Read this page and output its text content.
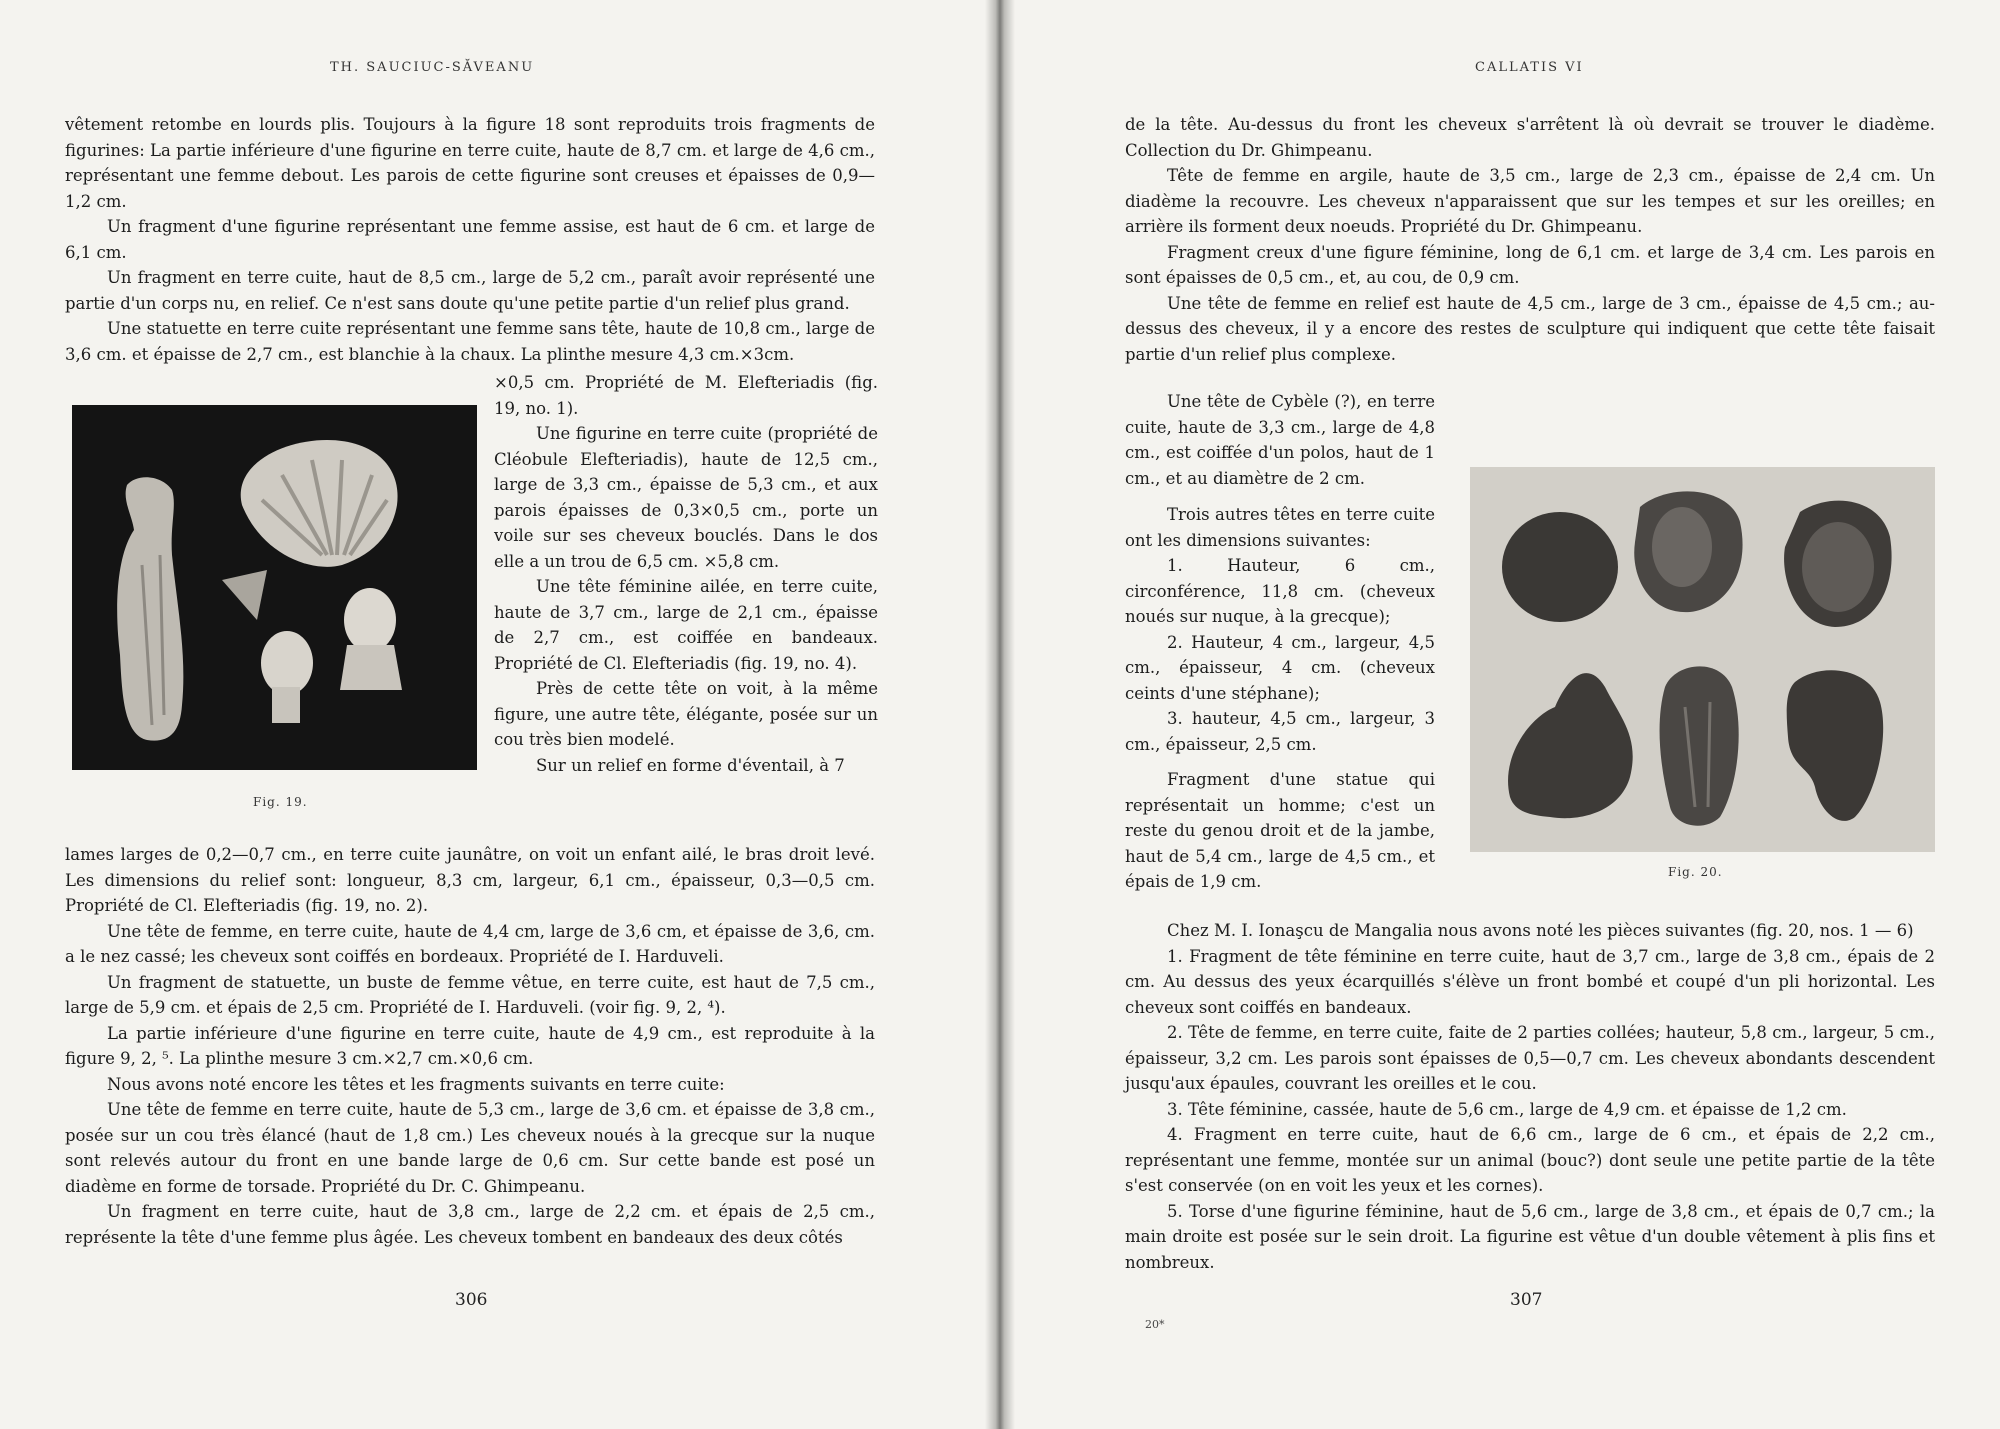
TH. SAUCIUC-SĂVEANU

vêtement retombe en lourds plis. Toujours à la figure 18 sont reproduits trois fragments de figurines: La partie inférieure d'une figurine en terre cuite, haute de 8,7 cm. et large de 4,6 cm., représentant une femme debout. Les parois de cette figurine sont creuses et épaisses de 0,9—1,2 cm.

Un fragment d'une figurine représentant une femme assise, est haut de 6 cm. et large de 6,1 cm.

Un fragment en terre cuite, haut de 8,5 cm., large de 5,2 cm., paraît avoir représenté une partie d'un corps nu, en relief. Ce n'est sans doute qu'une petite partie d'un relief plus grand.

Une statuette en terre cuite représentant une femme sans tête, haute de 10,8 cm., large de 3,6 cm. et épaisse de 2,7 cm., est blanchie à la chaux. La plinthe mesure 4,3 cm.×3cm.

Fig. 19.

×0,5 cm. Propriété de M. Elefteriadis (fig. 19, no. 1).

Une figurine en terre cuite (propriété de Cléobule Elefteriadis), haute de 12,5 cm., large de 3,3 cm., épaisse de 5,3 cm., et aux parois épaisses de 0,3×0,5 cm., porte un voile sur ses cheveux bouclés. Dans le dos elle a un trou de 6,5 cm. ×5,8 cm.

Une tête féminine ailée, en terre cuite, haute de 3,7 cm., large de 2,1 cm., épaisse de 2,7 cm., est coiffée en bandeaux. Propriété de Cl. Elefteriadis (fig. 19, no. 4).

Près de cette tête on voit, à la même figure, une autre tête, élégante, posée sur un cou très bien modelé.

Sur un relief en forme d'éventail, à 7

lames larges de 0,2—0,7 cm., en terre cuite jaunâtre, on voit un enfant ailé, le bras droit levé. Les dimensions du relief sont: longueur, 8,3 cm, largeur, 6,1 cm., épaisseur, 0,3—0,5 cm. Propriété de Cl. Elefteriadis (fig. 19, no. 2).

Une tête de femme, en terre cuite, haute de 4,4 cm, large de 3,6 cm, et épaisse de 3,6, cm. a le nez cassé; les cheveux sont coiffés en bordeaux. Propriété de I. Harduveli.

Un fragment de statuette, un buste de femme vêtue, en terre cuite, est haut de 7,5 cm., large de 5,9 cm. et épais de 2,5 cm. Propriété de I. Harduveli. (voir fig. 9, 2, ⁴).

La partie inférieure d'une figurine en terre cuite, haute de 4,9 cm., est reproduite à la figure 9, 2, ⁵. La plinthe mesure 3 cm.×2,7 cm.×0,6 cm.

Nous avons noté encore les têtes et les fragments suivants en terre cuite:

Une tête de femme en terre cuite, haute de 5,3 cm., large de 3,6 cm. et épaisse de 3,8 cm., posée sur un cou très élancé (haut de 1,8 cm.) Les cheveux noués à la grecque sur la nuque sont relevés autour du front en une bande large de 0,6 cm. Sur cette bande est posé un diadème en forme de torsade. Propriété du Dr. C. Ghimpeanu.

Un fragment en terre cuite, haut de 3,8 cm., large de 2,2 cm. et épais de 2,5 cm., représente la tête d'une femme plus âgée. Les cheveux tombent en bandeaux des deux côtés

306
CALLATIS VI

de la tête. Au-dessus du front les cheveux s'arrêtent là où devrait se trouver le diadème. Collection du Dr. Ghimpeanu.

Tête de femme en argile, haute de 3,5 cm., large de 2,3 cm., épaisse de 2,4 cm. Un diadème la recouvre. Les cheveux n'apparaissent que sur les tempes et sur les oreilles; en arrière ils forment deux noeuds. Propriété du Dr. Ghimpeanu.

Fragment creux d'une figure féminine, long de 6,1 cm. et large de 3,4 cm. Les parois en sont épaisses de 0,5 cm., et, au cou, de 0,9 cm.

Une tête de femme en relief est haute de 4,5 cm., large de 3 cm., épaisse de 4,5 cm.; au-dessus des cheveux, il y a encore des restes de sculpture qui indiquent que cette tête faisait partie d'un relief plus complexe.

Une tête de Cybèle (?), en terre cuite, haute de 3,3 cm., large de 4,8 cm., est coiffée d'un polos, haut de 1 cm., et au diamètre de 2 cm.

Trois autres têtes en terre cuite ont les dimensions suivantes:

1. Hauteur, 6 cm., circonférence, 11,8 cm. (cheveux noués sur nuque, à la grecque);

2. Hauteur, 4 cm., largeur, 4,5 cm., épaisseur, 4 cm. (cheveux ceints d'une stéphane);

3. hauteur, 4,5 cm., largeur, 3 cm., épaisseur, 2,5 cm.

Fragment d'une statue qui représentait un homme; c'est un reste du genou droit et de la jambe, haut de 5,4 cm., large de 4,5 cm., et épais de 1,9 cm.	Fig. 20.

Chez M. I. Ionaşcu de Mangalia nous avons noté les pièces suivantes (fig. 20, nos. 1 — 6)

1. Fragment de tête féminine en terre cuite, haut de 3,7 cm., large de 3,8 cm., épais de 2 cm. Au dessus des yeux écarquillés s'élève un front bombé et coupé d'un pli horizontal. Les cheveux sont coiffés en bandeaux.

2. Tête de femme, en terre cuite, faite de 2 parties collées; hauteur, 5,8 cm., largeur, 5 cm., épaisseur, 3,2 cm. Les parois sont épaisses de 0,5—0,7 cm. Les cheveux abondants descendent jusqu'aux épaules, couvrant les oreilles et le cou.

3. Tête féminine, cassée, haute de 5,6 cm., large de 4,9 cm. et épaisse de 1,2 cm.

4. Fragment en terre cuite, haut de 6,6 cm., large de 6 cm., et épais de 2,2 cm., représentant une femme, montée sur un animal (bouc?) dont seule une petite partie de la tête s'est conservée (on en voit les yeux et les cornes).

5. Torse d'une figurine féminine, haut de 5,6 cm., large de 3,8 cm., et épais de 0,7 cm.; la main droite est posée sur le sein droit. La figurine est vêtue d'un double vêtement à plis fins et nombreux.

307
20*
